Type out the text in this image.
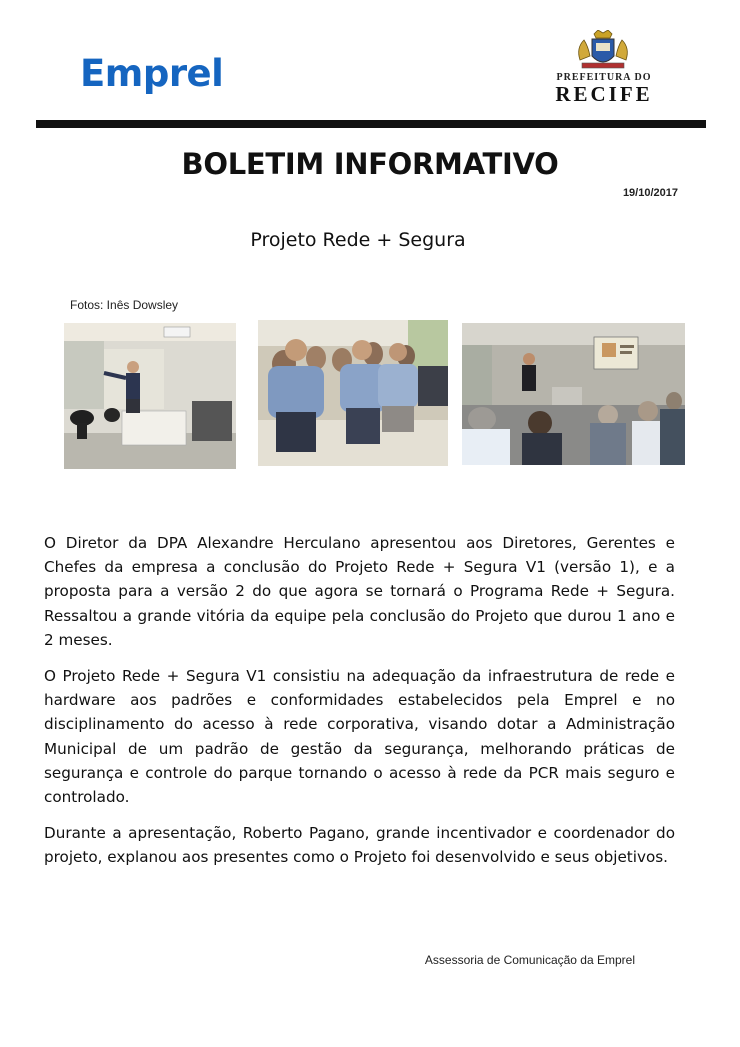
Emprel	PREFEITURA DO
RECIFE
BOLETIM INFORMATIVO
19/10/2017
Projeto Rede + Segura
Fotos: Inês Dowsley

O Diretor da DPA Alexandre Herculano apresentou aos Diretores, Gerentes e Chefes da empresa a conclusão do Projeto Rede + Segura V1 (versão 1), e a proposta para a versão 2 do que agora se tornará o Programa Rede + Segura. Ressaltou a grande vitória da equipe pela conclusão do Projeto que durou 1 ano e 2 meses.

O Projeto Rede + Segura V1 consistiu na adequação da infraestrutura de rede e hardware aos padrões e conformidades estabelecidos pela Emprel e no disciplinamento do acesso à rede corporativa, visando dotar a Administração Municipal de um padrão de gestão da segurança, melhorando práticas de segurança e controle do parque tornando o acesso à rede da PCR mais seguro e controlado.

Durante a apresentação, Roberto Pagano, grande incentivador e coordenador do projeto, explanou aos presentes como o Projeto foi desenvolvido e seus objetivos.

Assessoria de Comunicação da Emprel
